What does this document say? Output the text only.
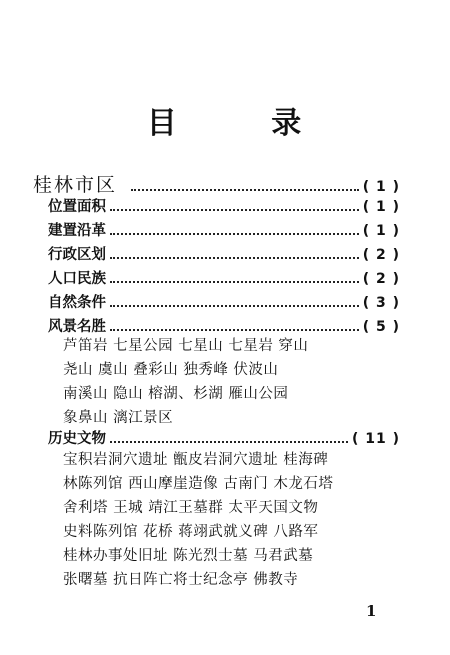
目 录
桂林市区	( 1 )
位置面积	( 1 )
建置沿革	( 1 )
行政区划	( 2 )
人口民族	( 2 )
自然条件	( 3 )
风景名胜	( 5 )
芦笛岩 七星公园 七星山 七星岩 穿山
尧山 虞山 叠彩山 独秀峰 伏波山
南溪山 隐山 榕湖、杉湖 雁山公园
象鼻山 漓江景区
历史文物	( 11 )
宝积岩洞穴遗址 甑皮岩洞穴遗址 桂海碑
林陈列馆 西山摩崖造像 古南门 木龙石塔
舍利塔 王城 靖江王墓群 太平天国文物
史料陈列馆 花桥 蒋翊武就义碑 八路军
桂林办事处旧址 陈光烈士墓 马君武墓
张曙墓 抗日阵亡将士纪念亭 佛教寺
1
